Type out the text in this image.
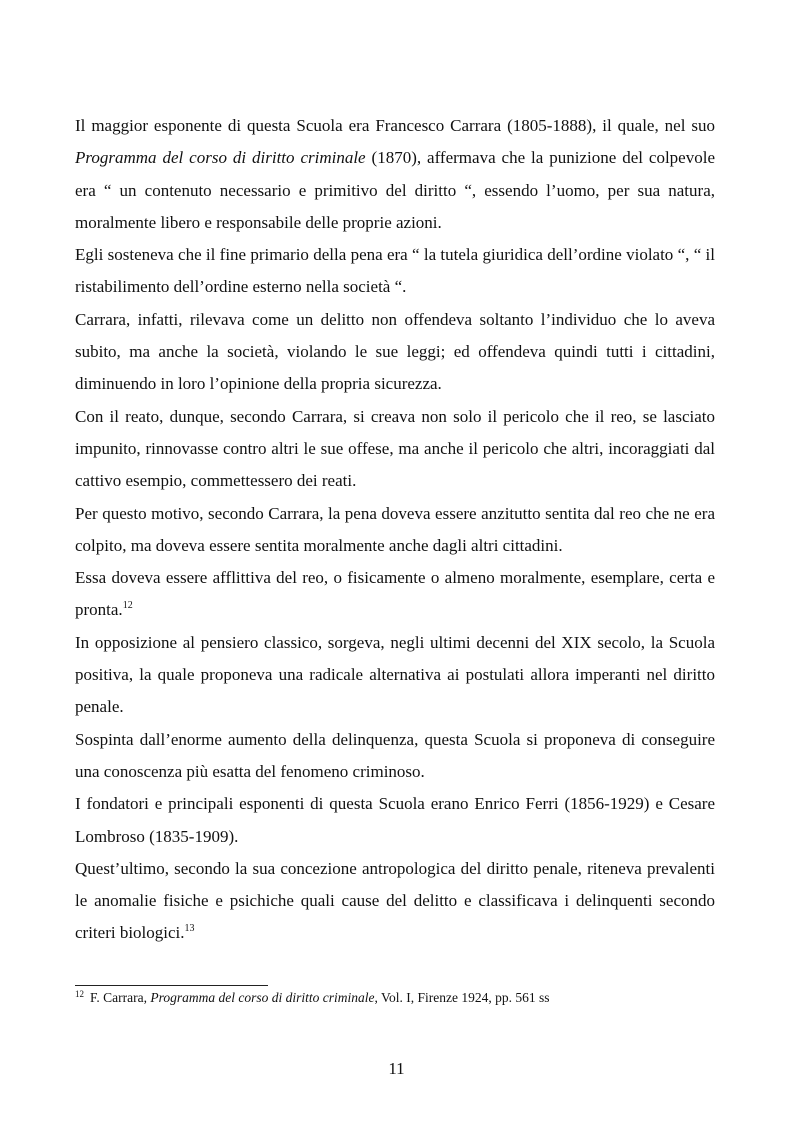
Il maggior esponente di questa Scuola era Francesco Carrara (1805-1888), il quale, nel suo Programma del corso di diritto criminale (1870), affermava che la punizione del colpevole era “ un contenuto necessario e primitivo del diritto “, essendo l’uomo, per sua natura, moralmente libero e responsabile delle proprie azioni.

Egli sosteneva che il fine primario della pena era “ la tutela giuridica dell’ordine violato “, “ il ristabilimento dell’ordine esterno nella società “.

Carrara, infatti, rilevava come un delitto non offendeva soltanto l’individuo che lo aveva subito, ma anche la società, violando le sue leggi; ed offendeva quindi tutti i cittadini, diminuendo in loro l’opinione della propria sicurezza.

Con il reato, dunque, secondo Carrara, si creava non solo il pericolo che il reo, se lasciato impunito, rinnovasse contro altri le sue offese, ma anche il pericolo che altri, incoraggiati dal cattivo esempio, commettessero dei reati.

Per questo motivo, secondo Carrara, la pena doveva essere anzitutto sentita dal reo che ne era colpito, ma doveva essere sentita moralmente anche dagli altri cittadini.

Essa doveva essere afflittiva del reo, o fisicamente o almeno moralmente, esemplare, certa e pronta.$^{12}$

In opposizione al pensiero classico, sorgeva, negli ultimi decenni del XIX secolo, la Scuola positiva, la quale proponeva una radicale alternativa ai postulati allora imperanti nel diritto penale.

Sospinta dall’enorme aumento della delinquenza, questa Scuola si proponeva di conseguire una conoscenza più esatta del fenomeno criminoso.

I fondatori e principali esponenti di questa Scuola erano Enrico Ferri (1856-1929) e Cesare Lombroso (1835-1909).

Quest’ultimo, secondo la sua concezione antropologica del diritto penale, riteneva prevalenti le anomalie fisiche e psichiche quali cause del delitto e classificava i delinquenti secondo criteri biologici.$^{13}$

$^{12}$ F. Carrara, Programma del corso di diritto criminale, Vol. I, Firenze 1924, pp. 561 ss
11
